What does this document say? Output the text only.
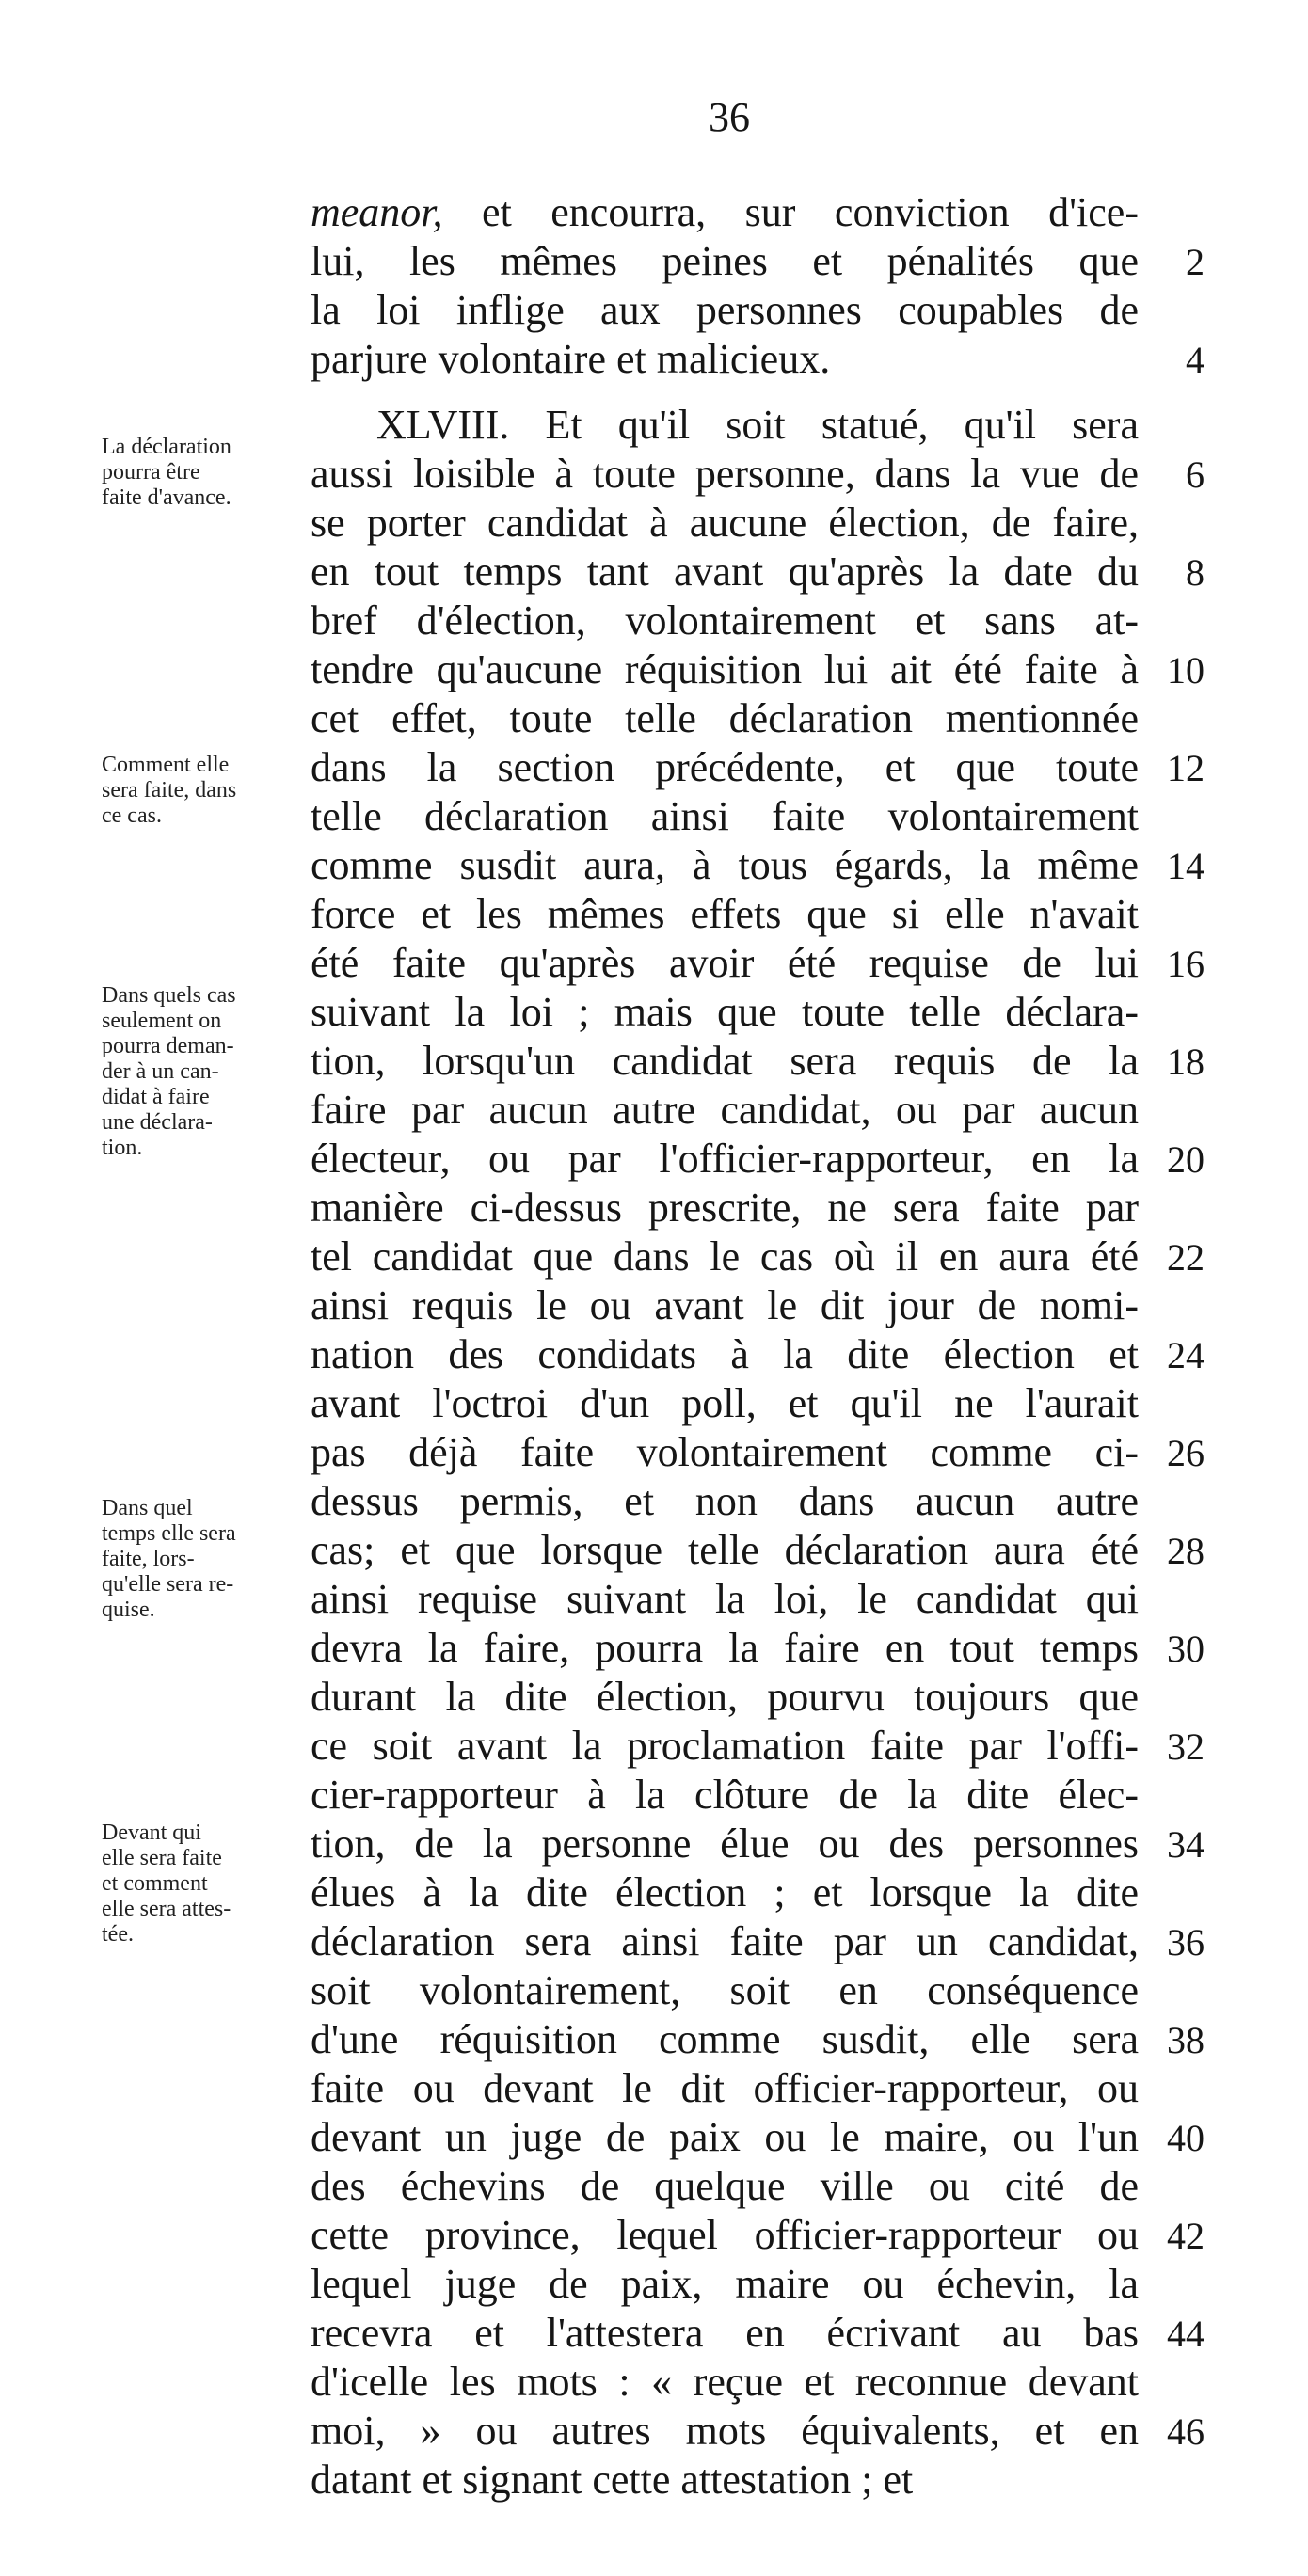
36
meanor, et encourra, sur conviction d'ice-
lui, les mêmes peines et pénalités que	2
la loi inflige aux personnes coupables de
parjure volontaire et malicieux.	4
XLVIII. Et qu'il soit statué, qu'il sera
aussi loisible à toute personne, dans la vue de	6
se porter candidat à aucune élection, de faire,
en tout temps tant avant qu'après la date du	8
bref d'élection, volontairement et sans at-
tendre qu'aucune réquisition lui ait été faite à 10
cet effet, toute telle déclaration mentionnée
dans la section précédente, et que toute 12
telle déclaration ainsi faite volontairement
comme susdit aura, à tous égards, la même 14
force et les mêmes effets que si elle n'avait
été faite qu'après avoir été requise de lui 16
suivant la loi ; mais que toute telle déclara-
tion, lorsqu'un candidat sera requis de la 18
faire par aucun autre candidat, ou par aucun
électeur, ou par l'officier-rapporteur, en la 20
manière ci-dessus prescrite, ne sera faite par
tel candidat que dans le cas où il en aura été 22
ainsi requis le ou avant le dit jour de nomi-
nation des condidats à la dite élection et 24
avant l'octroi d'un poll, et qu'il ne l'aurait
pas déjà faite volontairement comme ci- 26
dessus permis, et non dans aucun autre
cas; et que lorsque telle déclaration aura été 28
ainsi requise suivant la loi, le candidat qui
devra la faire, pourra la faire en tout temps 30
durant la dite élection, pourvu toujours que
ce soit avant la proclamation faite par l'offi- 32
cier-rapporteur à la clôture de la dite élec-
tion, de la personne élue ou des personnes 34
élues à la dite élection ; et lorsque la dite
déclaration sera ainsi faite par un candidat, 36
soit volontairement, soit en conséquence
d'une réquisition comme susdit, elle sera 38
faite ou devant le dit officier-rapporteur, ou
devant un juge de paix ou le maire, ou l'un 40
des échevins de quelque ville ou cité de
cette province, lequel officier-rapporteur ou 42
lequel juge de paix, maire ou échevin, la
recevra et l'attestera en écrivant au bas 44
d'icelle les mots : « reçue et reconnue devant
moi, » ou autres mots équivalents, et en 46
datant et signant cette attestation ; et
La déclaration
pourra être
faite d'avance.
Comment elle
sera faite, dans
ce cas.
Dans quels cas
seulement on
pourra deman-
der à un can-
didat à faire
une déclara-
tion.
Dans quel
temps elle sera
faite, lors-
qu'elle sera re-
quise.
Devant qui
elle sera faite
et comment
elle sera attes-
tée.
